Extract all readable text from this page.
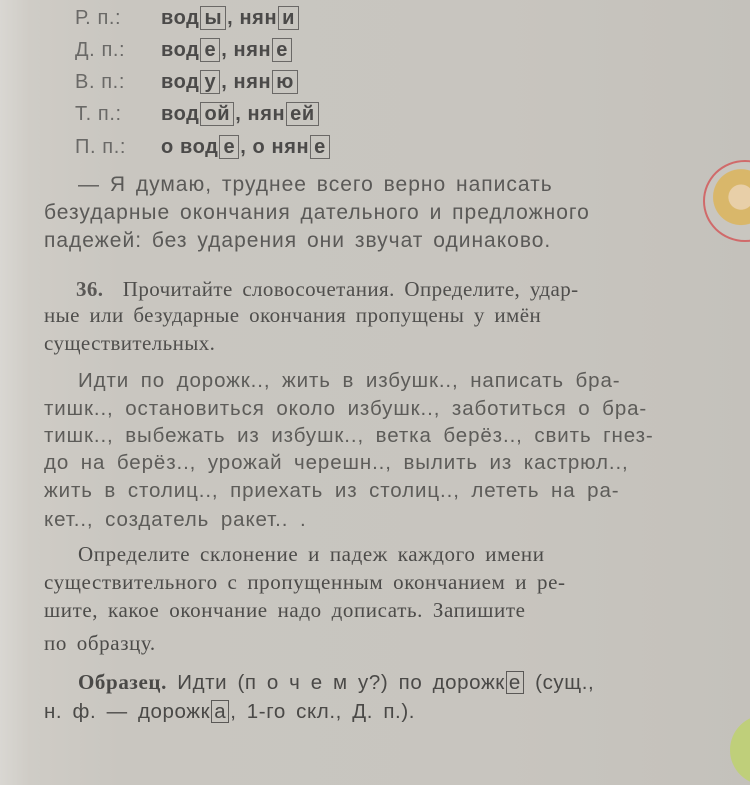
Р. п.: вод ы , нян и
Д. п.: вод е , нян е
В. п.: вод у , нян ю
Т. п.: вод ой , нян ей
П. п.: о вод е , о нян е
— Я думаю, труднее всего верно написать
безударные окончания дательного и предложного
падежей: без ударения они звучат одинаково.
36. Прочитайте словосочетания. Определите, удар-
ные или безударные окончания пропущены у имён
существительных.
Идти по дорожк.., жить в избушк.., написать бра-
тишк.., остановиться около избушк.., заботиться о бра-
тишк.., выбежать из избушк.., ветка берёз.., свить гнез-
до на берёз.., урожай черешн.., вылить из кастрюл..,
жить в столиц.., приехать из столиц.., лететь на ра-
кет.., создатель ракет.. .
Определите склонение и падеж каждого имени
существительного с пропущенным окончанием и ре-
шите, какое окончание надо дописать. Запишите
по образцу.
Образец. Идти (п о ч е м у?) по дорожк е (сущ.,
н. ф. — дорожк а , 1-го скл., Д. п.).
